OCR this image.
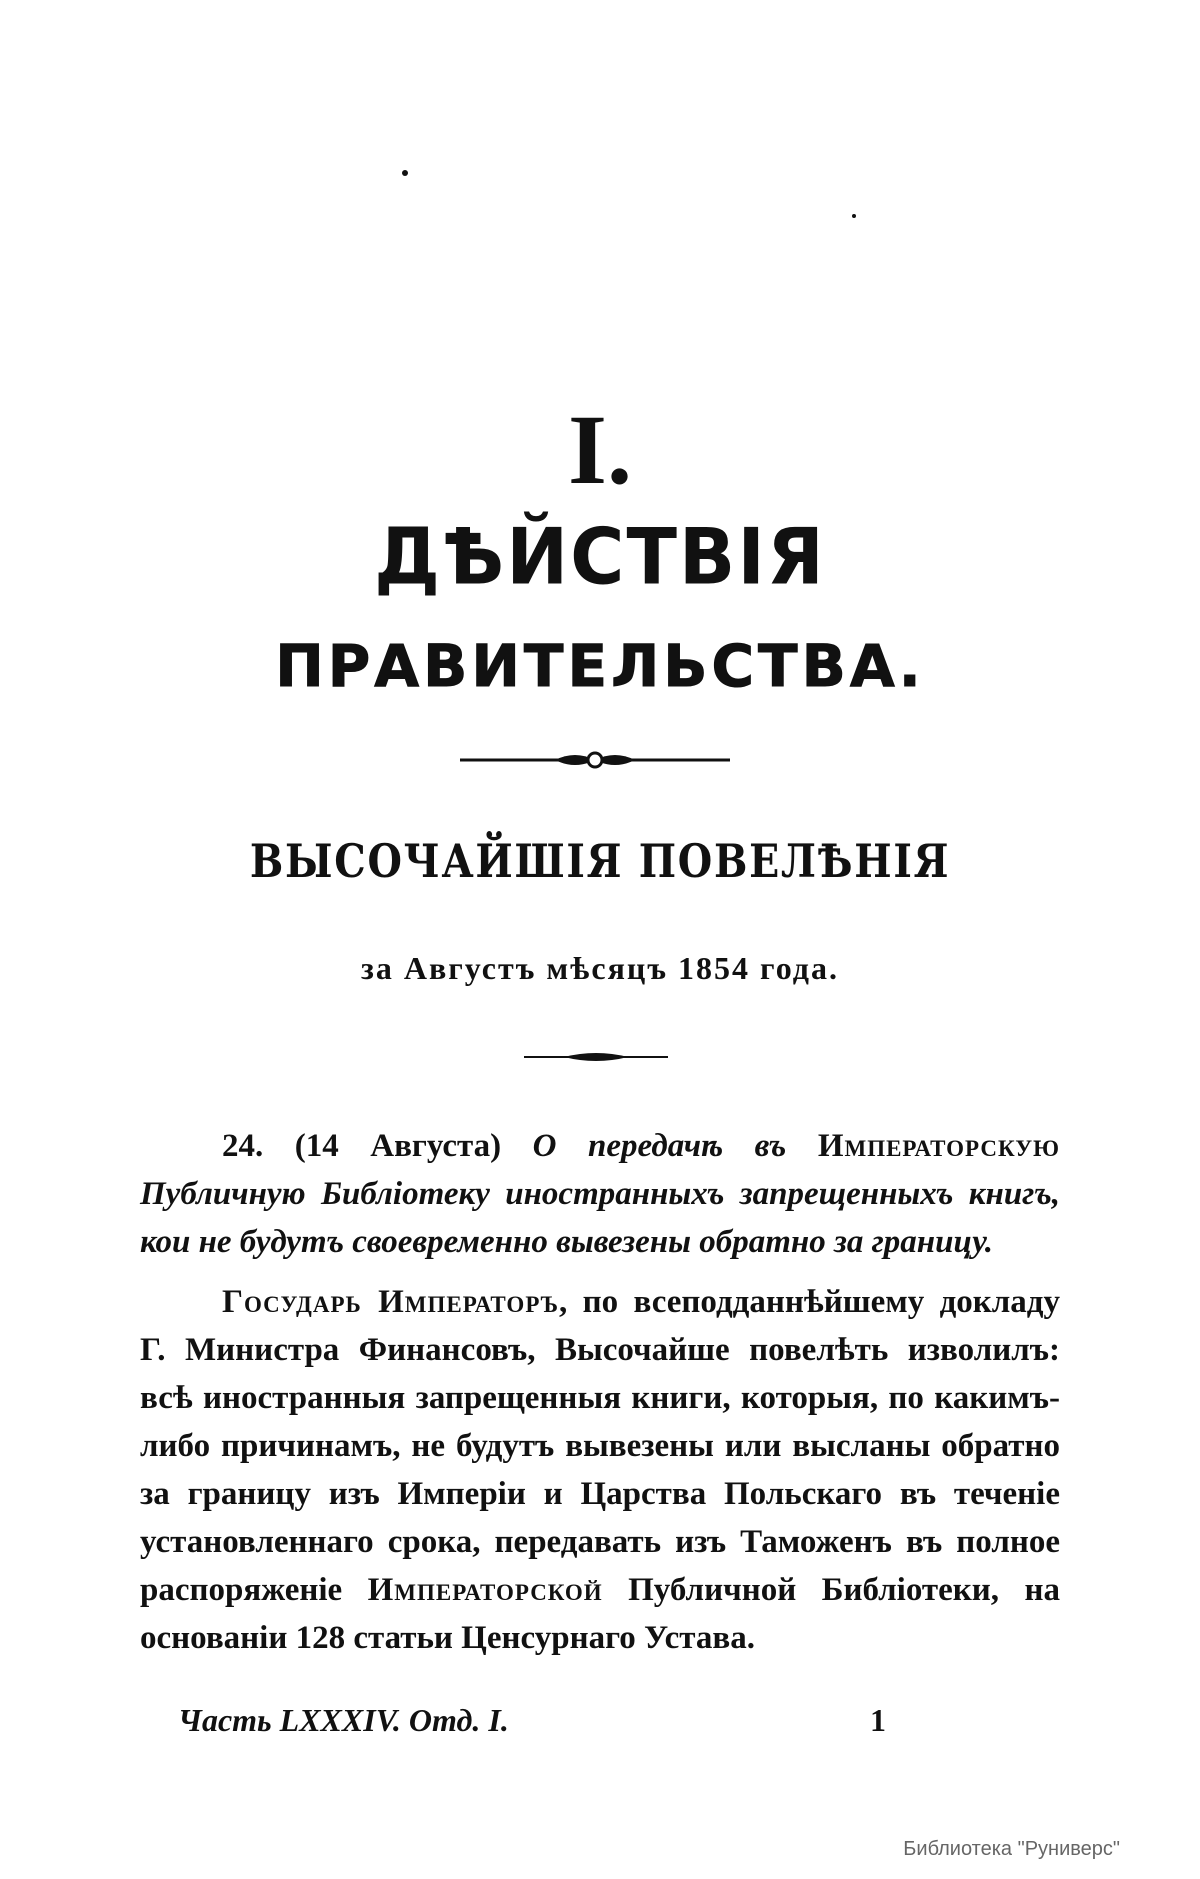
I.
ДѢЙСТВІЯ
ПРАВИТЕЛЬСТВА.
ВЫСОЧАЙШІЯ ПОВЕЛѢНІЯ
за Августъ мѣсяцъ 1854 года.
24. (14 Августа) О передачѣ въ Императорскую Публичную Библіотеку иностранныхъ запрещенныхъ книгъ, кои не будутъ своевременно вывезены обратно за границу.
Государь Императоръ, по всеподданнѣйшему докладу Г. Министра Финансовъ, Высочайше повелѣть изволилъ: всѣ иностранныя запрещенныя книги, которыя, по какимъ-либо причинамъ, не будутъ вывезены или высланы обратно за границу изъ Имперіи и Царства Польскаго въ теченіе установленнаго срока, передавать изъ Таможенъ въ полное распоряженіе Императорской Публичной Библіотеки, на основаніи 128 статьи Ценсурнаго Устава.
Часть LXXXIV. Отд. I.	1
Библиотека "Руниверс"
